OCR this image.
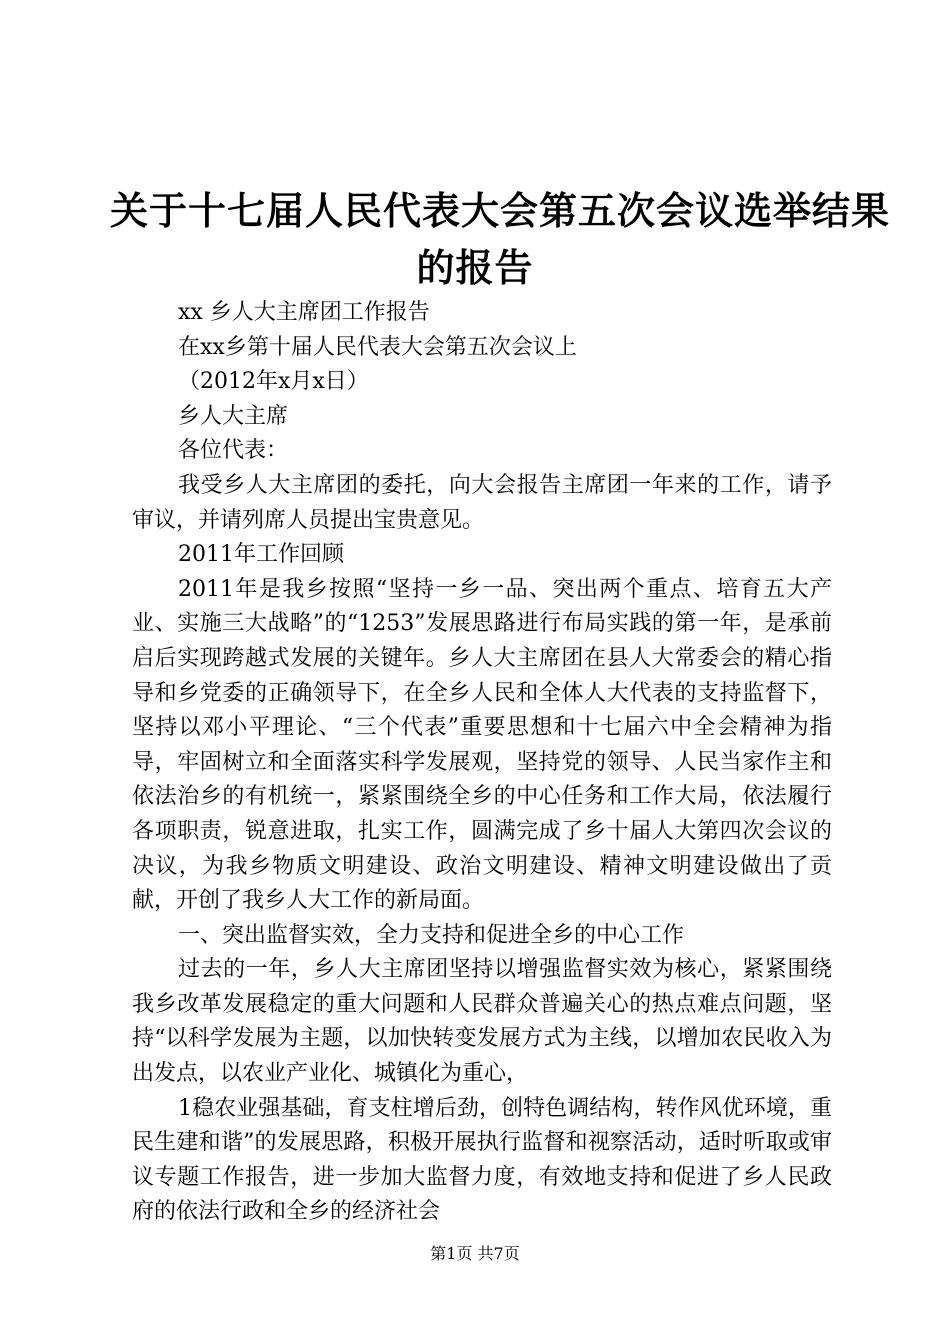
关于十七届人民代表大会第五次会议选举结果
的报告

xx 乡人大主席团工作报告

在xx乡第十届人民代表大会第五次会议上

（2012年x月x日）

乡人大主席

各位代表：

我受乡人大主席团的委托，向大会报告主席团一年来的工作，请予审议，并请列席人员提出宝贵意见。

2011年工作回顾

2011年是我乡按照“坚持一乡一品、突出两个重点、培育五大产业、实施三大战略”的“1253”发展思路进行布局实践的第一年，是承前启后实现跨越式发展的关键年。乡人大主席团在县人大常委会的精心指导和乡党委的正确领导下，在全乡人民和全体人大代表的支持监督下，坚持以邓小平理论、“三个代表”重要思想和十七届六中全会精神为指导，牢固树立和全面落实科学发展观，坚持党的领导、人民当家作主和依法治乡的有机统一，紧紧围绕全乡的中心任务和工作大局，依法履行各项职责，锐意进取，扎实工作，圆满完成了乡十届人大第四次会议的决议，为我乡物质文明建设、政治文明建设、精神文明建设做出了贡献，开创了我乡人大工作的新局面。

一、突出监督实效，全力支持和促进全乡的中心工作

过去的一年，乡人大主席团坚持以增强监督实效为核心，紧紧围绕我乡改革发展稳定的重大问题和人民群众普遍关心的热点难点问题，坚持“以科学发展为主题，以加快转变发展方式为主线，以增加农民收入为出发点，以农业产业化、城镇化为重心，

1稳农业强基础，育支柱增后劲，创特色调结构，转作风优环境，重民生建和谐”的发展思路，积极开展执行监督和视察活动，适时听取或审议专题工作报告，进一步加大监督力度，有效地支持和促进了乡人民政府的依法行政和全乡的经济社会

第1页 共7页
